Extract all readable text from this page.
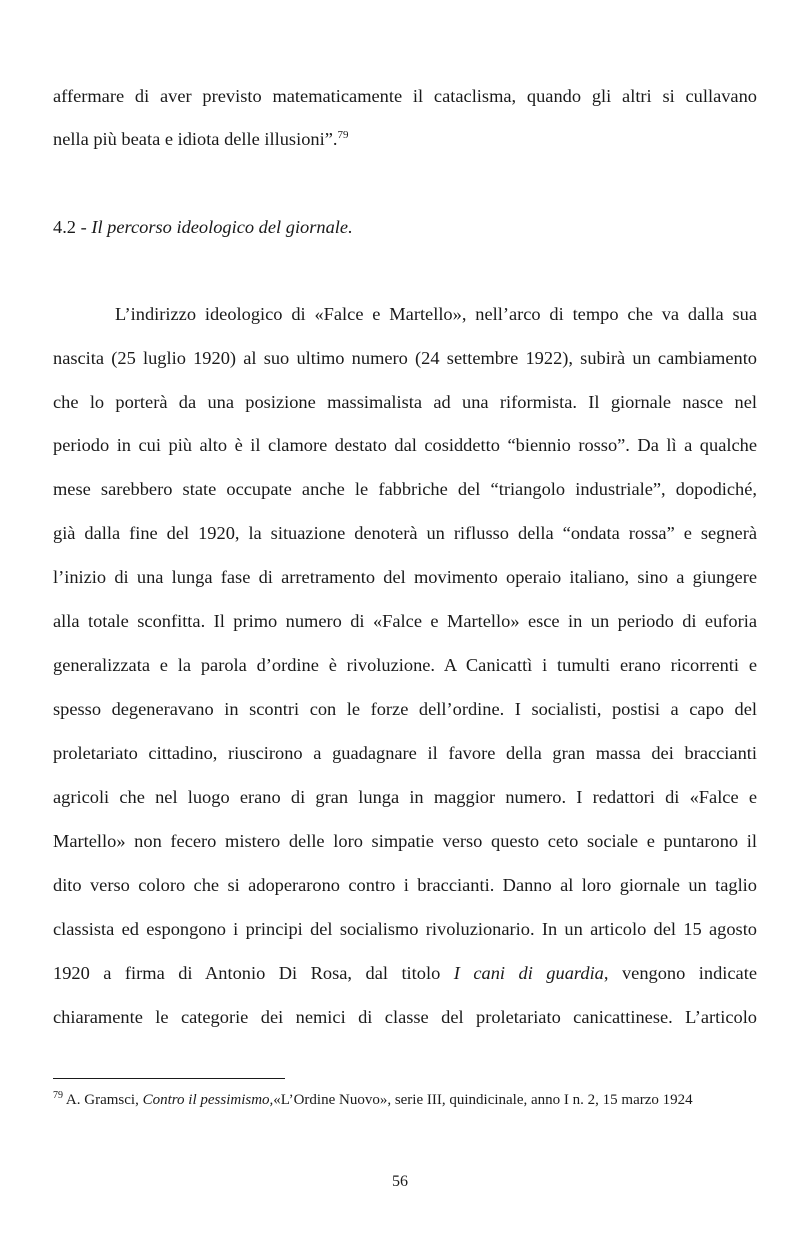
affermare di aver previsto matematicamente il cataclisma, quando gli altri si cullavano
nella più beata e idiota delle illusioni”.$^{79}$
4.2 - Il percorso ideologico del giornale.
L’indirizzo ideologico di «Falce e Martello», nell’arco di tempo che va dalla sua
nascita (25 luglio 1920) al suo ultimo numero (24 settembre 1922), subirà un cambiamento
che lo porterà da una posizione massimalista ad una riformista. Il giornale nasce nel
periodo in cui più alto è il clamore destato dal cosiddetto “biennio rosso”. Da lì a qualche
mese sarebbero state occupate anche le fabbriche del “triangolo industriale”, dopodiché,
già dalla fine del 1920, la situazione denoterà un riflusso della “ondata rossa” e segnerà
l’inizio di una lunga fase di arretramento del movimento operaio italiano, sino a giungere
alla totale sconfitta. Il primo numero di «Falce e Martello» esce in un periodo di euforia
generalizzata e la parola d’ordine è rivoluzione. A Canicattì i tumulti erano ricorrenti e
spesso degeneravano in scontri con le forze dell’ordine. I socialisti, postisi a capo del
proletariato cittadino, riuscirono a guadagnare il favore della gran massa dei braccianti
agricoli che nel luogo erano di gran lunga in maggior numero. I redattori di «Falce e
Martello» non fecero mistero delle loro simpatie verso questo ceto sociale e puntarono il
dito verso coloro che si adoperarono contro i braccianti. Danno al loro giornale un taglio
classista ed espongono i principi del socialismo rivoluzionario. In un articolo del 15 agosto
1920 a firma di Antonio Di Rosa, dal titolo I cani di guardia, vengono indicate
chiaramente le categorie dei nemici di classe del proletariato canicattinese. L’articolo
$^{79}$ A. Gramsci, Contro il pessimismo,«L’Ordine Nuovo», serie III, quindicinale, anno I n. 2, 15 marzo 1924
56
